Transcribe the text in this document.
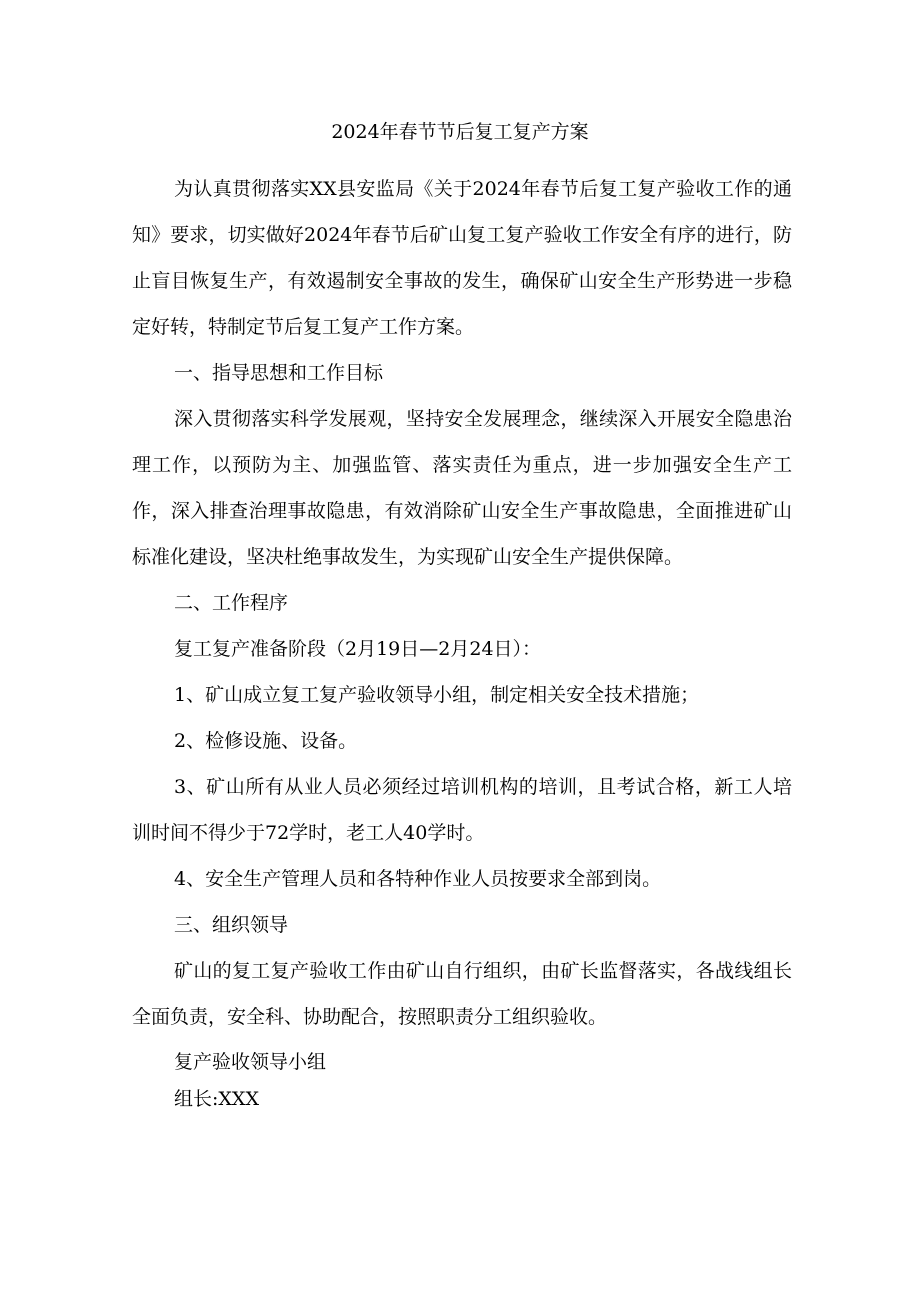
2024年春节节后复工复产方案

为认真贯彻落实XX县安监局《关于2024年春节后复工复产验收工作的通知》要求，切实做好2024年春节后矿山复工复产验收工作安全有序的进行，防止盲目恢复生产，有效遏制安全事故的发生，确保矿山安全生产形势进一步稳定好转，特制定节后复工复产工作方案。

一、指导思想和工作目标

深入贯彻落实科学发展观，坚持安全发展理念，继续深入开展安全隐患治理工作，以预防为主、加强监管、落实责任为重点，进一步加强安全生产工作，深入排查治理事故隐患，有效消除矿山安全生产事故隐患，全面推进矿山标准化建设，坚决杜绝事故发生，为实现矿山安全生产提供保障。

二、工作程序

复工复产准备阶段（2月19日—2月24日）：

1、矿山成立复工复产验收领导小组，制定相关安全技术措施；

2、检修设施、设备。

3、矿山所有从业人员必须经过培训机构的培训，且考试合格，新工人培训时间不得少于72学时，老工人40学时。

4、安全生产管理人员和各特种作业人员按要求全部到岗。

三、组织领导

矿山的复工复产验收工作由矿山自行组织，由矿长监督落实，各战线组长全面负责，安全科、协助配合，按照职责分工组织验收。

复产验收领导小组

组长:XXX
